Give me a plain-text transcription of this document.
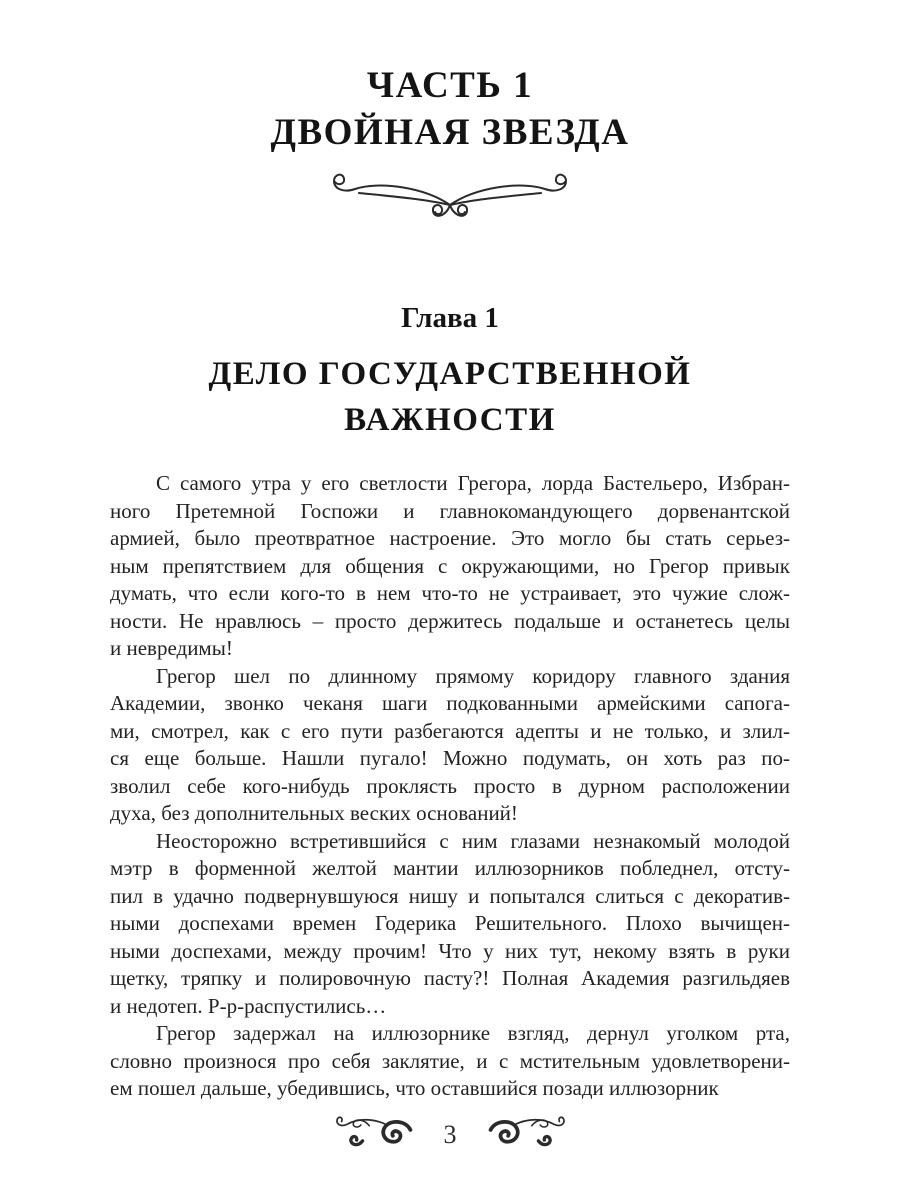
ЧАСТЬ 1
ДВОЙНАЯ ЗВЕЗДА
Глава 1
ДЕЛО ГОСУДАРСТВЕННОЙ
ВАЖНОСТИ
С самого утра у его светлости Грегора, лорда Бастельеро, Избран-
ного Претемной Госпожи и главнокомандующего дорвенантской
армией, было преотвратное настроение. Это могло бы стать серьез-
ным препятствием для общения с окружающими, но Грегор привык
думать, что если кого-то в нем что-то не устраивает, это чужие слож-
ности. Не нравлюсь – просто держитесь подальше и останетесь целы
и невредимы!
Грегор шел по длинному прямому коридору главного здания
Академии, звонко чеканя шаги подкованными армейскими сапога-
ми, смотрел, как с его пути разбегаются адепты и не только, и злил-
ся еще больше. Нашли пугало! Можно подумать, он хоть раз по-
зволил себе кого-нибудь проклясть просто в дурном расположении
духа, без дополнительных веских оснований!
Неосторожно встретившийся с ним глазами незнакомый молодой
мэтр в форменной желтой мантии иллюзорников побледнел, отсту-
пил в удачно подвернувшуюся нишу и попытался слиться с декоратив-
ными доспехами времен Годерика Решительного. Плохо вычищен-
ными доспехами, между прочим! Что у них тут, некому взять в руки
щетку, тряпку и полировочную пасту?! Полная Академия разгильдяев
и недотеп. Р-р-распустились…
Грегор задержал на иллюзорнике взгляд, дернул уголком рта,
словно произнося про себя заклятие, и с мстительным удовлетворени-
ем пошел дальше, убедившись, что оставшийся позади иллюзорник
3
